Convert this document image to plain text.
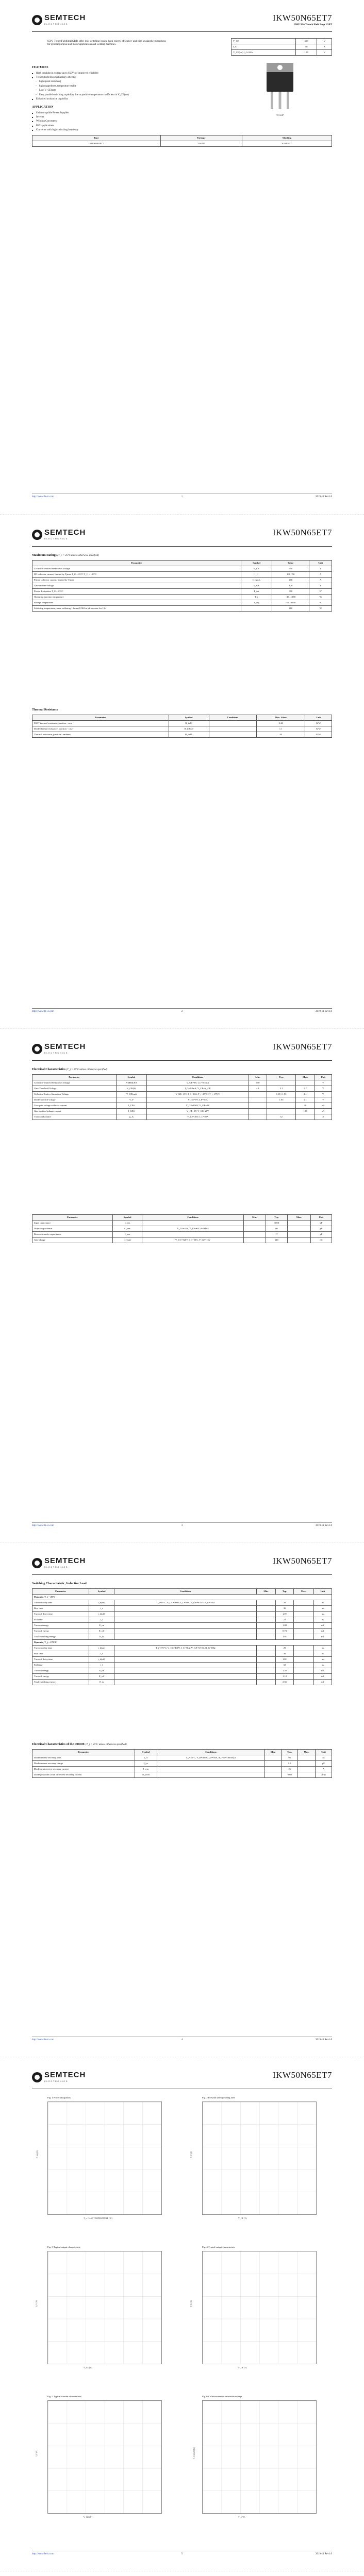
SEMTECH
ELECTRONICS
IKW50N65ET7
650V 50A Trench Field Stop IGBT

650V TrenchFieldStopIGBTs offer low switching losses, high energy efficiency and high avalanche ruggedness for general purpose and motor applications and welding machines.

V_CE	650	V
I_C	50	A
V_CE(sat) I_C=50A	1.65	V
FEATURES
■ High breakdown voltage up to 650V for improved reliability
■ Trench/Field Stop technology offering:
– high speed switching
– high ruggedness, temperature stable
– Low V_CE(sat)
– Easy parallel switching capability due to positive temperature coefficient in V_CE(sat)
■ Enhanced avalanche capability
APPLICATION
■ Uninterruptible Power Supplies
■ Inverter
■ Welding Converters
■ PFC applications
■ Converter with high switching frequency
TO-247
Type	Package	Marking
IKW50N65ET7	TO-247	K50EET7
http://www.ht-ic.com	1	2019-11 Rev1.0
SEMTECH
ELECTRONICS
IKW50N65ET7
Maximum Ratings (T_c = 25°C unless otherwise specified)
Parameter	Symbol	Value	Unit
Collector-Emitter Breakdown Voltage	V_CE	650	V
DC collector current, limited by Tjmax T_C = 25°C T_C = 100°C	I_C	100 / 50	A
Pulsed collector current, limited by Tjmax	I_Cpuls	200	A
Gate-emitter voltage	V_GE	±20	V
Power dissipation T_C = 25°C	P_tot	300	W
Operating junction temperature	T_j	-40...+150	°C
Storage temperature	T_stg	-55...+150	°C
Soldering temperature, wave soldering 1.6mm (0.063 in.) from case for 10s		260	°C
Thermal Resistance
Parameter	Symbol	Conditions	Max. Value	Unit
IGBT thermal resistance, junction - case	R_thJC		0.42	K/W
Diode thermal resistance, junction - case	R_thJCD		1.1	K/W
Thermal resistance, junction - ambient	R_thJA		40	K/W
http://www.ht-ic.com	2	2019-11 Rev1.0
SEMTECH
ELECTRONICS
IKW50N65ET7
Electrical Characteristics (T_j = 25°C unless otherwise specified)
Parameter	Symbol	Conditions	Min.	Typ.	Max.	Unit
Collector-Emitter Breakdown Voltage	V(BR)CES	V_GE=0V, I_C=0.5mA	650			V
Gate Threshold Voltage	V_GE(th)	I_C=0.8mA, V_CE=V_GE	4.1	5.1	5.7	V
Collector-Emitter Saturation Voltage	V_CE(sat)	V_GE=15V, I_C=50A, T_j=25°C / T_j=175°C		1.65 / 1.95	2.1	V
Diode forward voltage	V_F	V_GE=0V, I_F=50A		1.65	2.1	V
Zero gate voltage collector current	I_CES	V_CE=650V, V_GE=0V			40	μA
Gate-emitter leakage current	I_GES	V_CE=0V, V_GE=20V			100	nA
Transconductance	g_fs	V_CE=20V, I_C=50A		32		S
Parameter	Symbol	Conditions	Min.	Typ.	Max.	Unit
Input capacitance	C_ies			3050		pF
Output capacitance	C_oes	V_CE=25V, V_GE=0V, f=1MHz		80		pF
Reverse transfer capacitance	C_res			17		pF
Gate charge	Q_Gate	V_CC=520V, I_C=50A, V_GE=15V		140		nC
http://www.ht-ic.com	3	2019-11 Rev1.0
SEMTECH
ELECTRONICS
IKW50N65ET7
Switching Characteristic, Inductive Load
Parameter	Symbol	Conditions	Min.	Typ.	Max.	Unit
Dynamic, T_j = 25°C						
Turn-on delay time	t_d(on)	T_j=25°C, V_CC=400V, I_C=50A, V_GE=0/15V, R_G=10Ω		26		ns
Rise time	t_r			36		ns
Turn-off delay time	t_d(off)			219		ns
Fall time	t_f			22		ns
Turn-on energy	E_on			1.08		mJ
Turn-off energy	E_off			0.73		mJ
Total switching energy	E_ts			1.81		mJ
Dynamic, T_j = 175°C						
Turn-on delay time	t_d(on)	T_j=175°C, V_CC=400V, I_C=50A, V_GE=0/15V, R_G=10Ω		25		ns
Rise time	t_r			40		ns
Turn-off delay time	t_d(off)			238		ns
Fall time	t_f			52		ns
Turn-on energy	E_on			1.56		mJ
Turn-off energy	E_off			1.10		mJ
Total switching energy	E_ts			2.66		mJ
Electrical Characteristics of the DIODE (T_j = 25°C unless otherwise specified)
Parameter	Symbol	Conditions	Min.	Typ.	Max.	Unit
Diode reverse recovery time	t_rr	T_j=25°C, V_R=400V, I_F=50A, di_F/dt=1000A/μs		95		ns
Diode reverse recovery charge	Q_rr			1.3		μC
Diode peak reverse recovery current	I_rrm			26		A
Diode peak rate of fall of reverse recovery current	di_rr/dt			-860		A/μs
http://www.ht-ic.com	4	2019-11 Rev1.0
SEMTECH
ELECTRONICS
IKW50N65ET7
Fig. 1 Power dissipation
T_c, CASE TEMPERATURE (°C)
P_tot (W)
Fig. 2 Forward safe operating area
V_CE (V)
I_C (A)
Fig. 3 Typical output characteristic
V_CE (V)
I_C (A)
Fig. 4 Typical output characteristic
V_CE (V)
I_C (A)
Fig. 5 Typical transfer characteristic
V_GE (V)
I_C (A)
Fig. 6 Collector-emitter saturation voltage
T_j (°C)
V_CE(sat) (V)
http://www.ht-ic.com	5	2019-11 Rev1.0
